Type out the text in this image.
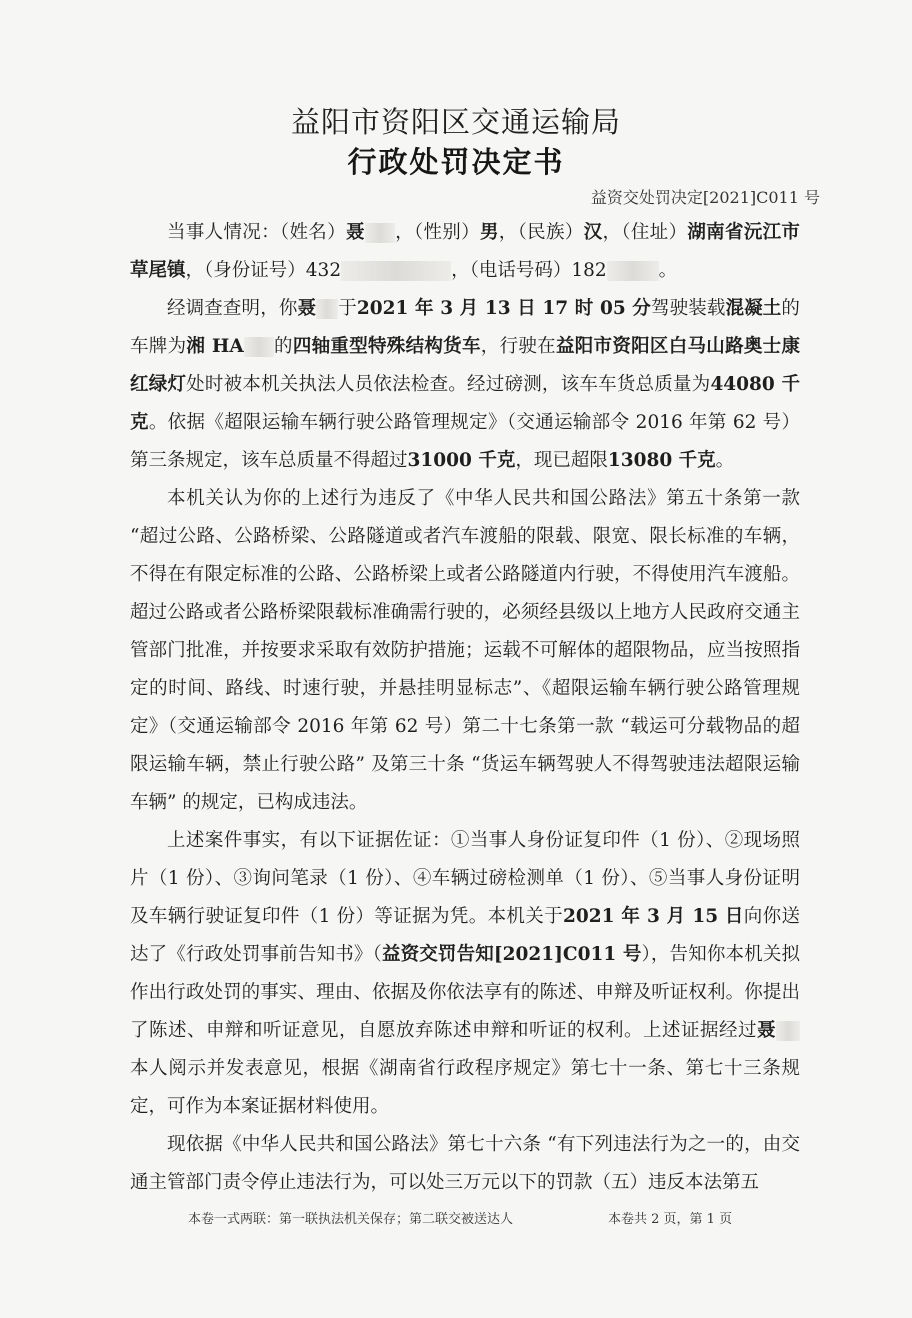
益阳市资阳区交通运输局
行政处罚决定书
益资交处罚决定[2021]C011 号

当事人情况：（姓名）聂 ，（性别）男，（民族）汉，（住址）湖南省沅江市草尾镇，（身份证号）432	，（电话号码）182	。

经调查查明，你聂 于2021 年 3 月 13 日 17 时 05 分驾驶装载混凝土的车牌为湘 HA 的四轴重型特殊结构货车，行驶在益阳市资阳区白马山路奥士康红绿灯处时被本机关执法人员依法检查。经过磅测，该车车货总质量为44080 千克。依据《超限运输车辆行驶公路管理规定》（交通运输部令 2016 年第 62 号）第三条规定，该车总质量不得超过31000 千克，现已超限13080 千克。

本机关认为你的上述行为违反了《中华人民共和国公路法》第五十条第一款 “超过公路、公路桥梁、公路隧道或者汽车渡船的限载、限宽、限长标准的车辆，不得在有限定标准的公路、公路桥梁上或者公路隧道内行驶，不得使用汽车渡船。超过公路或者公路桥梁限载标准确需行驶的，必须经县级以上地方人民政府交通主管部门批准，并按要求采取有效防护措施；运载不可解体的超限物品，应当按照指定的时间、路线、时速行驶，并悬挂明显标志”、《超限运输车辆行驶公路管理规定》（交通运输部令 2016 年第 62 号）第二十七条第一款 “载运可分载物品的超限运输车辆，禁止行驶公路” 及第三十条 “货运车辆驾驶人不得驾驶违法超限运输车辆” 的规定，已构成违法。

上述案件事实，有以下证据佐证：①当事人身份证复印件（1 份）、②现场照片（1 份）、③询问笔录（1 份）、④车辆过磅检测单（1 份）、⑤当事人身份证明及车辆行驶证复印件（1 份）等证据为凭。本机关于2021 年 3 月 15 日向你送达了《行政处罚事前告知书》（益资交罚告知[2021]C011 号），告知你本机关拟作出行政处罚的事实、理由、依据及你依法享有的陈述、申辩及听证权利。你提出了陈述、申辩和听证意见，自愿放弃陈述申辩和听证的权利。上述证据经过聂本人阅示并发表意见，根据《湖南省行政程序规定》第七十一条、第七十三条规定，可作为本案证据材料使用。

现依据《中华人民共和国公路法》第七十六条 “有下列违法行为之一的，由交通主管部门责令停止违法行为，可以处三万元以下的罚款（五）违反本法第五

本卷一式两联：第一联执法机关保存；第二联交被送达人	本卷共 2 页，第 1 页
